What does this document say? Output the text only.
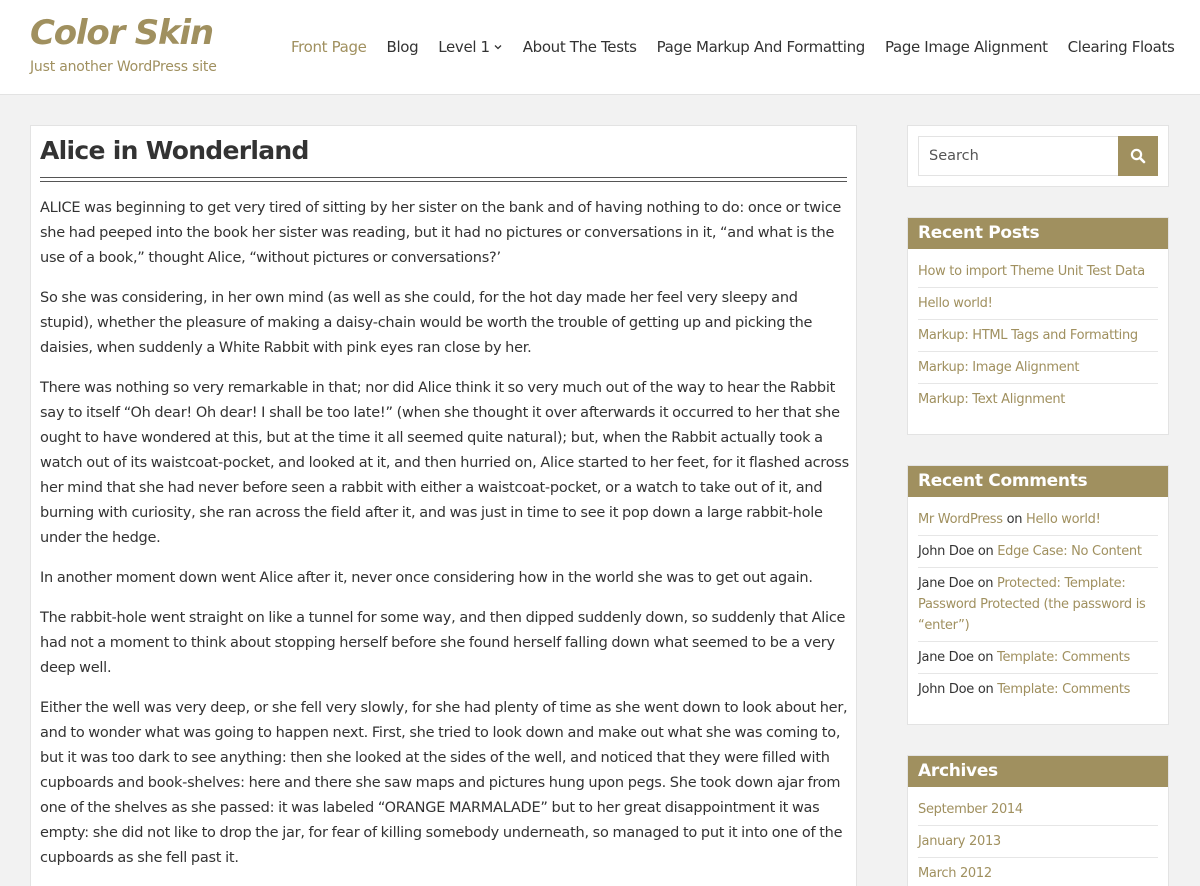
Color Skin
Just another WordPress site
Front Page Blog Level 1 About The Tests Page Markup And Formatting Page Image Alignment Clearing Floats
Alice in Wonderland

ALICE was beginning to get very tired of sitting by her sister on the bank and of having nothing to do: once or twice she had peeped into the book her sister was reading, but it had no pictures or conversations in it, “and what is the use of a book,” thought Alice, “without pictures or conversations?’

So she was considering, in her own mind (as well as she could, for the hot day made her feel very sleepy and stupid), whether the pleasure of making a daisy-chain would be worth the trouble of getting up and picking the daisies, when suddenly a White Rabbit with pink eyes ran close by her.

There was nothing so very remarkable in that; nor did Alice think it so very much out of the way to hear the Rabbit say to itself “Oh dear! Oh dear! I shall be too late!” (when she thought it over afterwards it occurred to her that she ought to have wondered at this, but at the time it all seemed quite natural); but, when the Rabbit actually took a watch out of its waistcoat-pocket, and looked at it, and then hurried on, Alice started to her feet, for it flashed across her mind that she had never before seen a rabbit with either a waistcoat-pocket, or a watch to take out of it, and burning with curiosity, she ran across the field after it, and was just in time to see it pop down a large rabbit-hole under the hedge.

In another moment down went Alice after it, never once considering how in the world she was to get out again.

The rabbit-hole went straight on like a tunnel for some way, and then dipped suddenly down, so suddenly that Alice had not a moment to think about stopping herself before she found herself falling down what seemed to be a very deep well.

Either the well was very deep, or she fell very slowly, for she had plenty of time as she went down to look about her, and to wonder what was going to happen next. First, she tried to look down and make out what she was coming to, but it was too dark to see anything: then she looked at the sides of the well, and noticed that they were filled with cupboards and book-shelves: here and there she saw maps and pictures hung upon pegs. She took down ajar from one of the shelves as she passed: it was labeled “ORANGE MARMALADE” but to her great disappointment it was empty: she did not like to drop the jar, for fear of killing somebody underneath, so managed to put it into one of the cupboards as she fell past it.

Search
Recent Posts
How to import Theme Unit Test Data
Hello world!
Markup: HTML Tags and Formatting
Markup: Image Alignment
Markup: Text Alignment
Recent Comments
Mr WordPress on Hello world!
John Doe on Edge Case: No Content
Jane Doe on Protected: Template: Password Protected (the password is “enter”)
Jane Doe on Template: Comments
John Doe on Template: Comments
Archives
September 2014
January 2013
March 2012
